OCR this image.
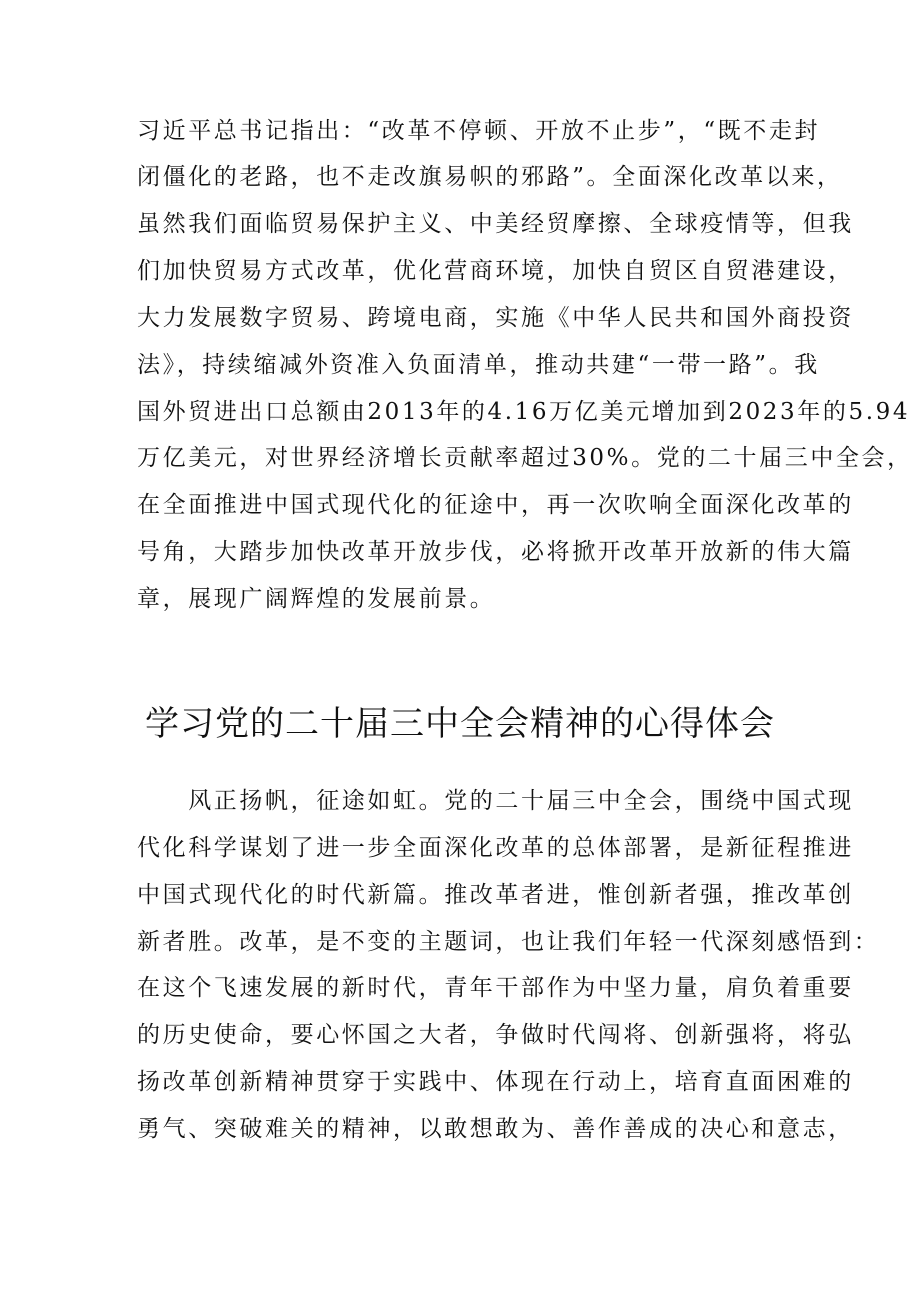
习近平总书记指出：“改革不停顿、开放不止步”，“既不走封
闭僵化的老路，也不走改旗易帜的邪路”。全面深化改革以来，
虽然我们面临贸易保护主义、中美经贸摩擦、全球疫情等，但我
们加快贸易方式改革，优化营商环境，加快自贸区自贸港建设，
大力发展数字贸易、跨境电商，实施《中华人民共和国外商投资
法》，持续缩减外资准入负面清单，推动共建“一带一路”。我
国外贸进出口总额由2013年的4.16万亿美元增加到2023年的5.94
万亿美元，对世界经济增长贡献率超过30%。党的二十届三中全会，
在全面推进中国式现代化的征途中，再一次吹响全面深化改革的
号角，大踏步加快改革开放步伐，必将掀开改革开放新的伟大篇
章，展现广阔辉煌的发展前景。
学习党的二十届三中全会精神的心得体会
　　风正扬帆，征途如虹。党的二十届三中全会，围绕中国式现
代化科学谋划了进一步全面深化改革的总体部署，是新征程推进
中国式现代化的时代新篇。推改革者进，惟创新者强，推改革创
新者胜。改革，是不变的主题词，也让我们年轻一代深刻感悟到：
在这个飞速发展的新时代，青年干部作为中坚力量，肩负着重要
的历史使命，要心怀国之大者，争做时代闯将、创新强将，将弘
扬改革创新精神贯穿于实践中、体现在行动上，培育直面困难的
勇气、突破难关的精神，以敢想敢为、善作善成的决心和意志，
